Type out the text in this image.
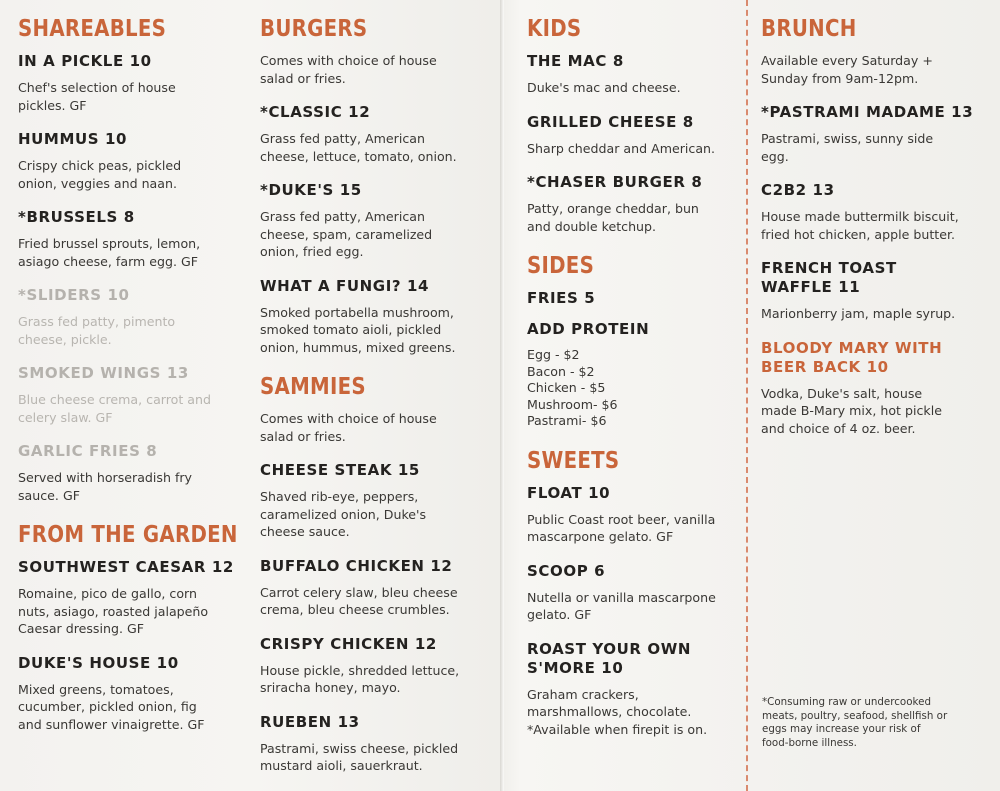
SHAREABLES
IN A PICKLE 10
Chef's selection of house
pickles. GF
HUMMUS 10
Crispy chick peas, pickled
onion, veggies and naan.
*BRUSSELS 8
Fried brussel sprouts, lemon,
asiago cheese, farm egg. GF
*SLIDERS 10
Grass fed patty, pimento
cheese, pickle.
SMOKED WINGS 13
Blue cheese crema, carrot and
celery slaw. GF
GARLIC FRIES 8
Served with horseradish fry
sauce. GF
FROM THE GARDEN
SOUTHWEST CAESAR 12
Romaine, pico de gallo, corn
nuts, asiago, roasted jalapeño
Caesar dressing. GF
DUKE'S HOUSE 10
Mixed greens, tomatoes,
cucumber, pickled onion, fig
and sunflower vinaigrette. GF
BURGERS
Comes with choice of house
salad or fries.
*CLASSIC 12
Grass fed patty, American
cheese, lettuce, tomato, onion.
*DUKE'S 15
Grass fed patty, American
cheese, spam, caramelized
onion, fried egg.
WHAT A FUNGI? 14
Smoked portabella mushroom,
smoked tomato aioli, pickled
onion, hummus, mixed greens.
SAMMIES
Comes with choice of house
salad or fries.
CHEESE STEAK 15
Shaved rib-eye, peppers,
caramelized onion, Duke's
cheese sauce.
BUFFALO CHICKEN 12
Carrot celery slaw, bleu cheese
crema, bleu cheese crumbles.
CRISPY CHICKEN 12
House pickle, shredded lettuce,
sriracha honey, mayo.
RUEBEN 13
Pastrami, swiss cheese, pickled
mustard aioli, sauerkraut.
KIDS
THE MAC 8
Duke's mac and cheese.
GRILLED CHEESE 8
Sharp cheddar and American.
*CHASER BURGER 8
Patty, orange cheddar, bun
and double ketchup.
SIDES
FRIES 5
ADD PROTEIN
Egg - $2
Bacon - $2
Chicken - $5
Mushroom- $6
Pastrami- $6
SWEETS
FLOAT 10
Public Coast root beer, vanilla
mascarpone gelato. GF
SCOOP 6
Nutella or vanilla mascarpone
gelato. GF
ROAST YOUR OWN
S'MORE 10
Graham crackers,
marshmallows, chocolate.
*Available when firepit is on.
BRUNCH
Available every Saturday +
Sunday from 9am-12pm.
*PASTRAMI MADAME 13
Pastrami, swiss, sunny side
egg.
C2B2 13
House made buttermilk biscuit,
fried hot chicken, apple butter.
FRENCH TOAST
WAFFLE 11
Marionberry jam, maple syrup.
BLOODY MARY WITH
BEER BACK 10
Vodka, Duke's salt, house
made B-Mary mix, hot pickle
and choice of 4 oz. beer.
*Consuming raw or undercooked
meats, poultry, seafood, shellfish or
eggs may increase your risk of
food-borne illness.
